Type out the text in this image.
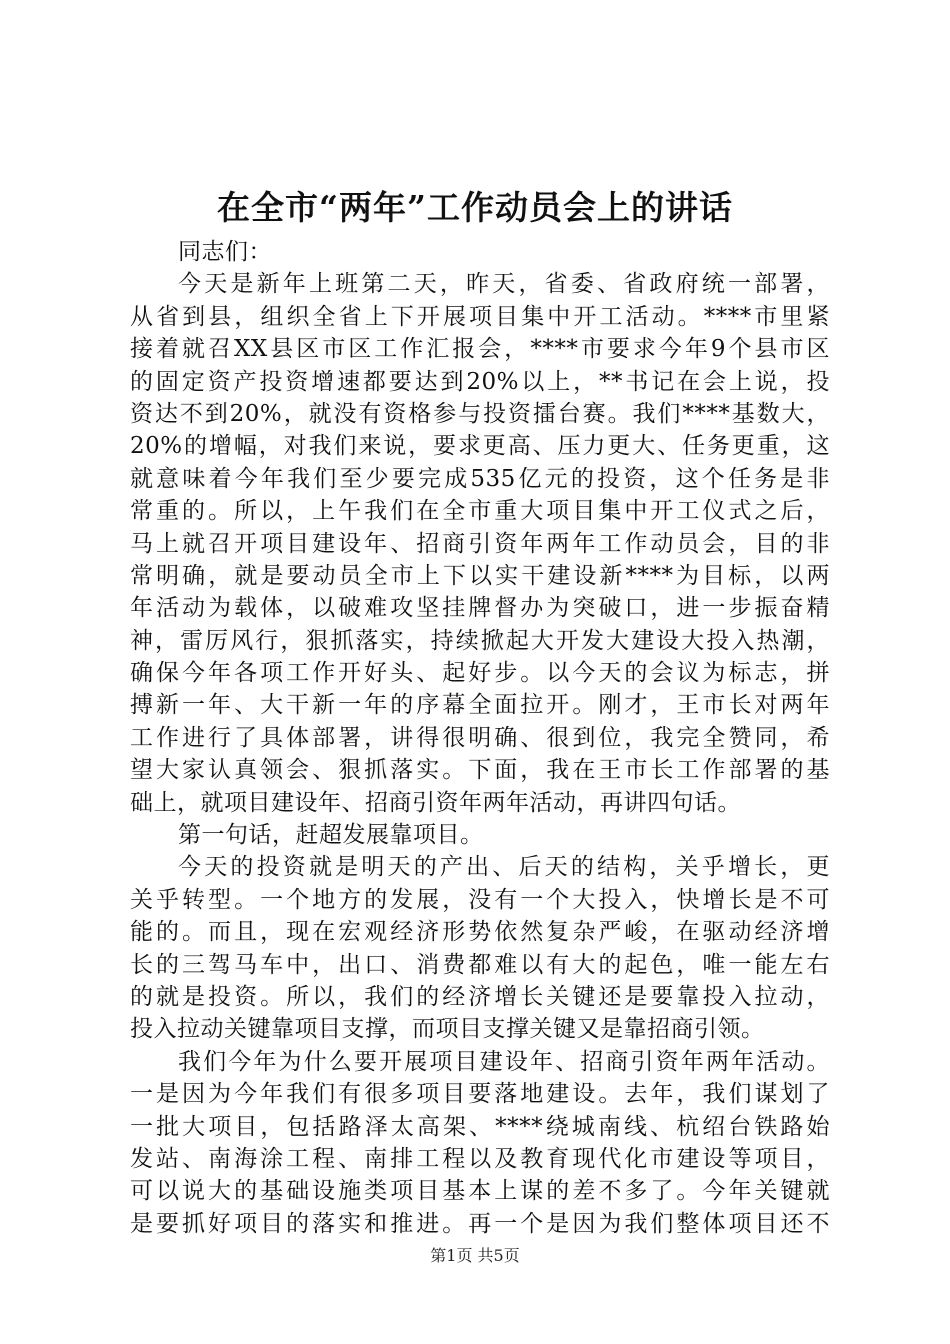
在全市“两年”工作动员会上的讲话
同志们：
今天是新年上班第二天，昨天，省委、省政府统一部署，
从省到县，组织全省上下开展项目集中开工活动。****市里紧
接着就召XX县区市区工作汇报会，****市要求今年9个县市区
的固定资产投资增速都要达到20%以上，**书记在会上说，投
资达不到20%，就没有资格参与投资擂台赛。我们****基数大，
20%的增幅，对我们来说，要求更高、压力更大、任务更重，这
就意味着今年我们至少要完成535亿元的投资，这个任务是非
常重的。所以，上午我们在全市重大项目集中开工仪式之后，
马上就召开项目建设年、招商引资年两年工作动员会，目的非
常明确，就是要动员全市上下以实干建设新****为目标，以两
年活动为载体，以破难攻坚挂牌督办为突破口，进一步振奋精
神，雷厉风行，狠抓落实，持续掀起大开发大建设大投入热潮，
确保今年各项工作开好头、起好步。以今天的会议为标志，拼
搏新一年、大干新一年的序幕全面拉开。刚才，王市长对两年
工作进行了具体部署，讲得很明确、很到位，我完全赞同，希
望大家认真领会、狠抓落实。下面，我在王市长工作部署的基
础上，就项目建设年、招商引资年两年活动，再讲四句话。
第一句话，赶超发展靠项目。
今天的投资就是明天的产出、后天的结构，关乎增长，更
关乎转型。一个地方的发展，没有一个大投入，快增长是不可
能的。而且，现在宏观经济形势依然复杂严峻，在驱动经济增
长的三驾马车中，出口、消费都难以有大的起色，唯一能左右
的就是投资。所以，我们的经济增长关键还是要靠投入拉动，
投入拉动关键靠项目支撑，而项目支撑关键又是靠招商引领。
我们今年为什么要开展项目建设年、招商引资年两年活动。
一是因为今年我们有很多项目要落地建设。去年，我们谋划了
一批大项目，包括路泽太高架、****绕城南线、杭绍台铁路始
发站、南海涂工程、南排工程以及教育现代化市建设等项目，
可以说大的基础设施类项目基本上谋的差不多了。今年关键就
是要抓好项目的落实和推进。再一个是因为我们整体项目还不
第1页 共5页
